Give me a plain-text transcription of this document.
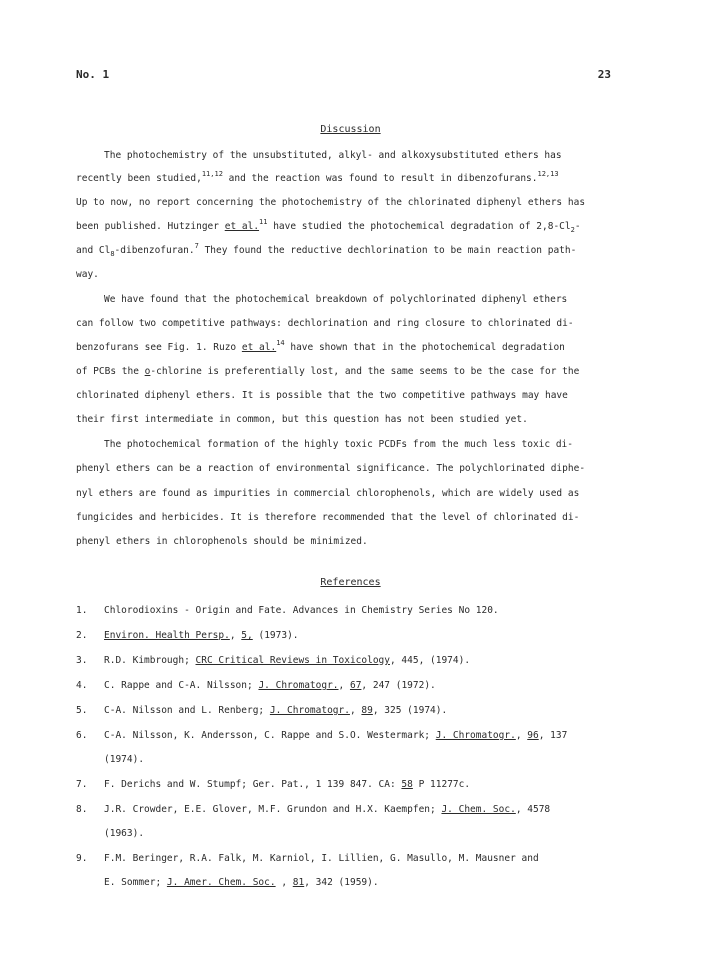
No. 1	23
Discussion
The photochemistry of the unsubstituted, alkyl- and alkoxysubstituted ethers has
recently been studied,$^{11,12}$ and the reaction was found to result in dibenzofurans.$^{12,13}$
Up to now, no report concerning the photochemistry of the chlorinated diphenyl ethers has
been published. Hutzinger et al.$^{11}$ have studied the photochemical degradation of $2,8-Cl_2-$
and $Cl_8-dibenzofuran.^7$ They found the reductive dechlorination to be main reaction path-
way.
We have found that the photochemical breakdown of polychlorinated diphenyl ethers
can follow two competitive pathways: dechlorination and ring closure to chlorinated di-
benzofurans see Fig. 1. Ruzo et al.$^{14}$ have shown that in the photochemical degradation
of PCBs the o-chlorine is preferentially lost, and the same seems to be the case for the
chlorinated diphenyl ethers. It is possible that the two competitive pathways may have
their first intermediate in common, but this question has not been studied yet.
The photochemical formation of the highly toxic PCDFs from the much less toxic di-
phenyl ethers can be a reaction of environmental significance. The polychlorinated diphe-
nyl ethers are found as impurities in commercial chlorophenols, which are widely used as
fungicides and herbicides. It is therefore recommended that the level of chlorinated di-
phenyl ethers in chlorophenols should be minimized.
References
1. Chlorodioxins - Origin and Fate. Advances in Chemistry Series No 120.
2. Environ. Health Persp., 5, (1973).
3. R.D. Kimbrough; CRC Critical Reviews in Toxicology, 445, (1974).
4. C. Rappe and C-A. Nilsson; J. Chromatogr., 67, 247 (1972).
5. C-A. Nilsson and L. Renberg; J. Chromatogr., 89, 325 (1974).
6. C-A. Nilsson, K. Andersson, C. Rappe and S.O. Westermark; J. Chromatogr., 96, 137
(1974).
7. F. Derichs and W. Stumpf; Ger. Pat., 1 139 847. CA: 58 P 11277c.
8. J.R. Crowder, E.E. Glover, M.F. Grundon and H.X. Kaempfen; J. Chem. Soc., 4578
(1963).
9. F.M. Beringer, R.A. Falk, M. Karniol, I. Lillien, G. Masullo, M. Mausner and
E. Sommer; J. Amer. Chem. Soc. , 81, 342 (1959).
